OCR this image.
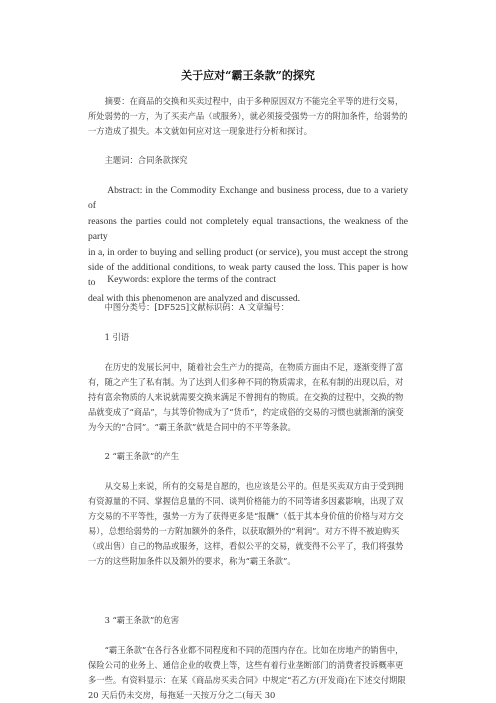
关于应对“霸王条款”的探究

摘要：在商品的交换和买卖过程中，由于多种原因双方不能完全平等的进行交易，所处弱势的一方，为了买卖产品（或服务），就必须接受强势一方的附加条件，给弱势的一方造成了损失。本文就如何应对这一现象进行分析和探讨。

主题词：合同条款探究

Abstract: in the Commodity Exchange and business process, due to a variety of
reasons the parties could not completely equal transactions, the weakness of the party
in a, in order to buying and selling product (or service), you must accept the strong
side of the additional conditions, to weak party caused the loss. This paper is how to
deal with this phenomenon are analyzed and discussed.

Keywords: explore the terms of the contract

中图分类号：[DF525]文献标识码：A 文章编号：

1 引语

在历史的发展长河中，随着社会生产力的提高，在物质方面由不足，逐渐变得了富有，随之产生了私有制。为了达到人们多种不同的物质需求，在私有制的出现以后，对持有富余物质的人来说就需要交换来满足不曾拥有的物质。在交换的过程中，交换的物品就变成了“商品”，与其等价物成为了“货币”，约定成俗的交易的习惯也就渐渐的演变为今天的“合同”。“霸王条款”就是合同中的不平等条款。

2 “霸王条款”的产生

从交易上来说，所有的交易是自愿的，也应该是公平的。但是买卖双方由于受到拥有资源量的不同、掌握信息量的不同、谈判价格能力的不同等诸多因素影响，出现了双方交易的不平等性，强势一方为了获得更多是“报酬”（低于其本身价值的价格与对方交易），总想给弱势的一方附加额外的条件，以获取额外的“利润”。对方不得不被迫购买（或出售）自己的物品或服务，这样，看似公平的交易，就变得不公平了，我们将强势一方的这些附加条件以及额外的要求，称为“霸王条款”。

3 “霸王条款”的危害

“霸王条款”在各行各业都不同程度和不同的范围内存在。比如在房地产的销售中，保险公司的业务上、通信企业的收费上等，这些有着行业垄断部门的消费者投诉概率更多一些。有资料显示：在某《商品房买卖合同》中规定“若乙方(开发商)在下述交付期限 20 天后仍未交房，每拖延一天按万分之二(每天 30
